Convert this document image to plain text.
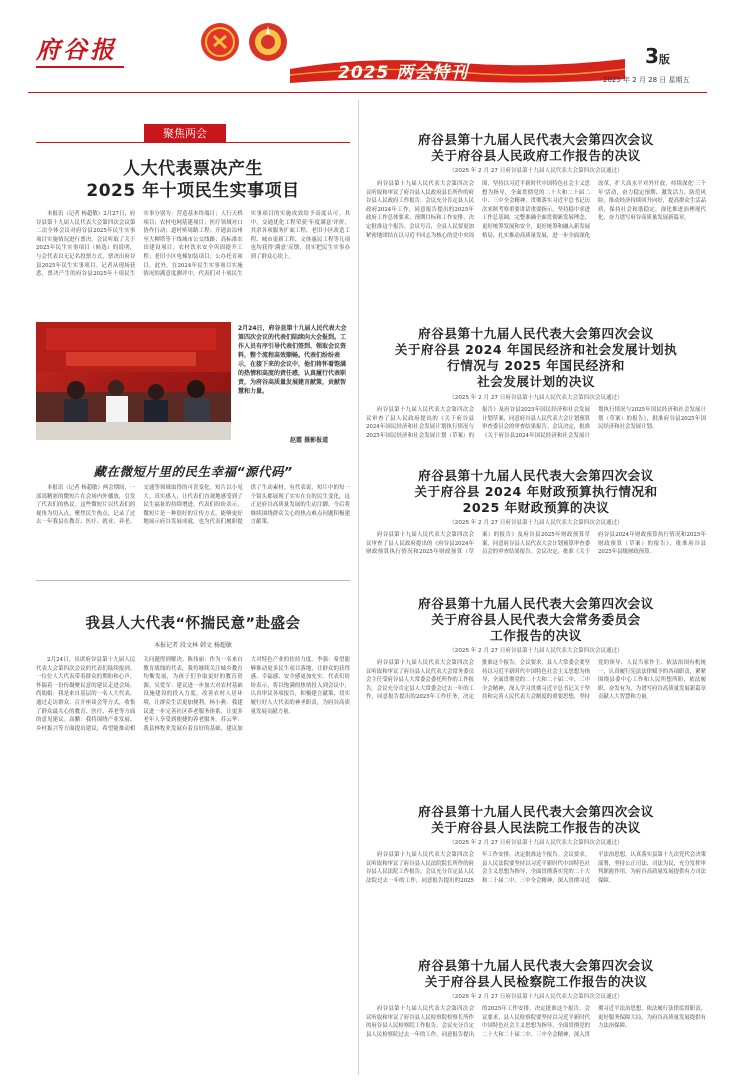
府谷报
2025 两会特刊
3版
2025 年 2 月 28 日 星期五
聚焦两会
人大代表票决产生
2025 年十项民生实事项目

本报讯（记者 杨超敏）2月27日，府谷县第十九届人民代表大会第四次会议第二次全体会议对府谷县2025年民生实事项目实施情况进行票决。会议听取了关于2025年民生实事项目（候选）的说明，与会代表以无记名投票方式，票决出府谷县2025年民生实事项目。记者从现场获悉，票决产生的府谷县2025年十项民生实事分别为：营造基本终端日；人行天桥项目；农村电网基建项目；医疗领域对口协作行动；道村殡周路工程；开通由凉州至大柳塔等干线城市公交线路；高标准农田建设项目；农村饮水安全巩固提升工程；老旧小区电梯加装项目；公办托育项目。此外，在2024年民生实事项目实施情况的满意度测评中，代表们对十项民生实事项目的实施成效给予高度认可。其中，交通优化工程荣获'年度满意'评价，其余各项服务扩面工程、老旧小区改造工程、城市更新工程、文体惠民工程等几项也均获得'满意'反馈，切实把民生实事办到了群众心坎上。

2月24日，府谷县第十九届人民代表大会第四次会议的代表们陆续向大会报到。工作人员有序引导代表们签到、领取会议资料，整个流程高效顺畅。代表们纷纷表示，在接下来的会议中，他们将怀着饱满的热情和高度的责任感，认真履行代表职责，为府谷高质量发展建言献策，贡献智慧和力量。
赵霞 摄影报道
藏在微短片里的民生幸福“源代码”

本报讯（记者 杨超敏）两会期间，一部部精彩的微短片在会场内外播放，引发了代表们的热议。这些微短片以代表们的视角为切入点，聚焦民生热点，记录了过去一年我县在教育、医疗、就业、养老、交通等领域取得的可喜变化。短片以小见大、真实感人，让代表们直观地感受到了民生福祉的持续增进。代表们纷纷表示，微短片是一种很好的宣传方式，能够更好地展示府谷发展成就，也为代表们履职提供了生动素材。有代表说，短片中的每一个镜头都展现了实实在在的民生变化，这正是府谷高质量发展的生动注脚，今后将继续围绕群众关心的热点难点问题积极建言献策。

我县人大代表“怀揣民意”赴盛会
本报记者 段文林 韩文 杨超敏

2月24日，出席府谷县第十九届人民代表大会第四次会议的代表们陆续报到。一位位人大代表带着群众的期盼和心声，怀揣着一份份凝聚民意的建议走进会场。尚娟娟：我是来自基层的一名人大代表，通过走访群众、召开座谈会等方式，收集了群众最关心的教育、医疗、养老等方面的意见建议。高鹏：我将围绕产业发展、乡村振兴等方面提出建议，希望能推动相关问题得到解决。陈伟丽：作为一名来自教育战线的代表，我将继续关注城乡教育均衡发展，为孩子们争取更好的教育资源。吴爱军：建议进一步加大对农村基础设施建设的投入力度，改善农村人居环境，让群众生活更加便利。杨小燕：我建议进一步完善社区养老服务体系，让更多老年人享受到便捷的养老服务。苏云华：我县林牧业发展有着良好的基础，建议加大对特色产业的扶持力度。李强：希望能够推动更多民生项目落地，让群众的获得感、幸福感、安全感更加充实。代表们纷纷表示，将以饱满的热情投入到会议中，认真审议各项报告，积极建言献策，切实履行好人大代表的神圣职责，为府谷高质量发展贡献力量。

府谷县第十九届人民代表大会第四次会议
关于府谷县人民政府工作报告的决议
（2025 年 2 月 27 日府谷县第十九届人民代表大会第四次会议通过）

府谷县第十九届人民代表大会第四次会议听取和审议了府谷县人民政府县长所作的府谷县人民政府工作报告。会议充分肯定县人民政府2024年工作，同意报告提出的2025年政府工作总体要求、预期目标和工作安排，决定批准这个报告。会议号召，全县人民要更加紧密地团结在以习近平同志为核心的党中央周围，坚持以习近平新时代中国特色社会主义思想为指导，全面贯彻党的二十大和二十届二中、三中全会精神，贯彻落实习近平总书记历次来陕考察重要讲话重要指示，坚持稳中求进工作总基调，完整准确全面贯彻新发展理念，更好统筹发展和安全，更好统筹和融入新发展格局，扎实推动高质量发展，进一步全面深化改革，扩大高水平对外开放，持续深化'三个年'活动，奋力稳定预期、激发活力、防范风险，推动经济持续回升向好，提高群众生活品质，保持社会和谐稳定，深化推进治理现代化，奋力谱写府谷高质量发展新篇章。

府谷县第十九届人民代表大会第四次会议
关于府谷县 2024 年国民经济和社会发展计划执
行情况与 2025 年国民经济和
社会发展计划的决议
（2025 年 2 月 27 日府谷县第十九届人民代表大会第四次会议通过）

府谷县第十九届人民代表大会第四次会议审查了县人民政府提出的《关于府谷县2024年国民经济和社会发展计划执行情况与2025年国民经济和社会发展计划（草案）的报告》及府谷县2025年国民经济和社会发展计划草案，同意府谷县人民代表大会计划预算审查委员会的审查结果报告。会议决定，批准《关于府谷县2024年国民经济和社会发展计划执行情况与2025年国民经济和社会发展计划（草案）的报告》，批准府谷县2025年国民经济和社会发展计划。

府谷县第十九届人民代表大会第四次会议
关于府谷县 2024 年财政预算执行情况和
2025 年财政预算的决议
（2025 年 2 月 27 日府谷县第十九届人民代表大会第四次会议通过）

府谷县第十九届人民代表大会第四次会议审查了县人民政府提出的《府谷县2024年财政预算执行情况和2025年财政预算（草案）的报告》及府谷县2025年财政预算草案，同意府谷县人民代表大会计划预算审查委员会的审查结果报告。会议决定，批准《关于府谷县2024年财政预算执行情况和2025年财政预算（草案）的报告》，批准府谷县2025年县级财政预算。

府谷县第十九届人民代表大会第四次会议
关于府谷县人民代表大会常务委员会
工作报告的决议
（2025 年 2 月 27 日府谷县第十九届人民代表大会第四次会议通过）

府谷县第十九届人民代表大会第四次会议听取和审议了府谷县人民代表大会常务委员会主任受府谷县人大常委会委托所作的工作报告。会议充分肯定县人大常委会过去一年的工作，同意报告提出的2025年工作任务，决定批准这个报告。会议要求，县人大常委会要坚持以习近平新时代中国特色社会主义思想为指导，全面贯彻党的二十大和二十届二中、三中全会精神，深入学习贯彻习近平总书记关于坚持和完善人民代表大会制度的重要思想，坚持党的领导、人民当家作主、依法治国有机统一，认真履行宪法法律赋予的各项职责，紧紧围绕县委中心工作和人民所想所盼，依法履职、奋发有为，为谱写府谷高质量发展新篇章贡献人大智慧和力量。

府谷县第十九届人民代表大会第四次会议
关于府谷县人民法院工作报告的决议
（2025 年 2 月 27 日府谷县第十九届人民代表大会第四次会议通过）

府谷县第十九届人民代表大会第四次会议听取和审议了府谷县人民法院院长所作的府谷县人民法院工作报告。会议充分肯定县人民法院过去一年的工作，同意报告提出的2025年工作安排，决定批准这个报告。会议要求，县人民法院要坚持以习近平新时代中国特色社会主义思想为指导，全面贯彻落实党的二十大和二十届二中、三中全会精神，深入贯彻习近平法治思想，认真落实县第十九次党代会决策部署，坚持公正司法、司法为民，充分发挥审判职能作用，为府谷高质量发展提供有力司法保障。

府谷县第十九届人民代表大会第四次会议
关于府谷县人民检察院工作报告的决议
（2025 年 2 月 27 日府谷县第十九届人民代表大会第四次会议通过）

府谷县第十九届人民代表大会第四次会议听取和审议了府谷县人民检察院检察长所作的府谷县人民检察院工作报告。会议充分肯定县人民检察院过去一年的工作，同意报告提出的2025年工作安排，决定批准这个报告。会议要求，县人民检察院要坚持以习近平新时代中国特色社会主义思想为指导，全面贯彻党的二十大和二十届二中、三中全会精神，深入贯彻习近平法治思想，依法履行法律监督职责，更好服务保障大局，为府谷高质量发展提供有力法治保障。
